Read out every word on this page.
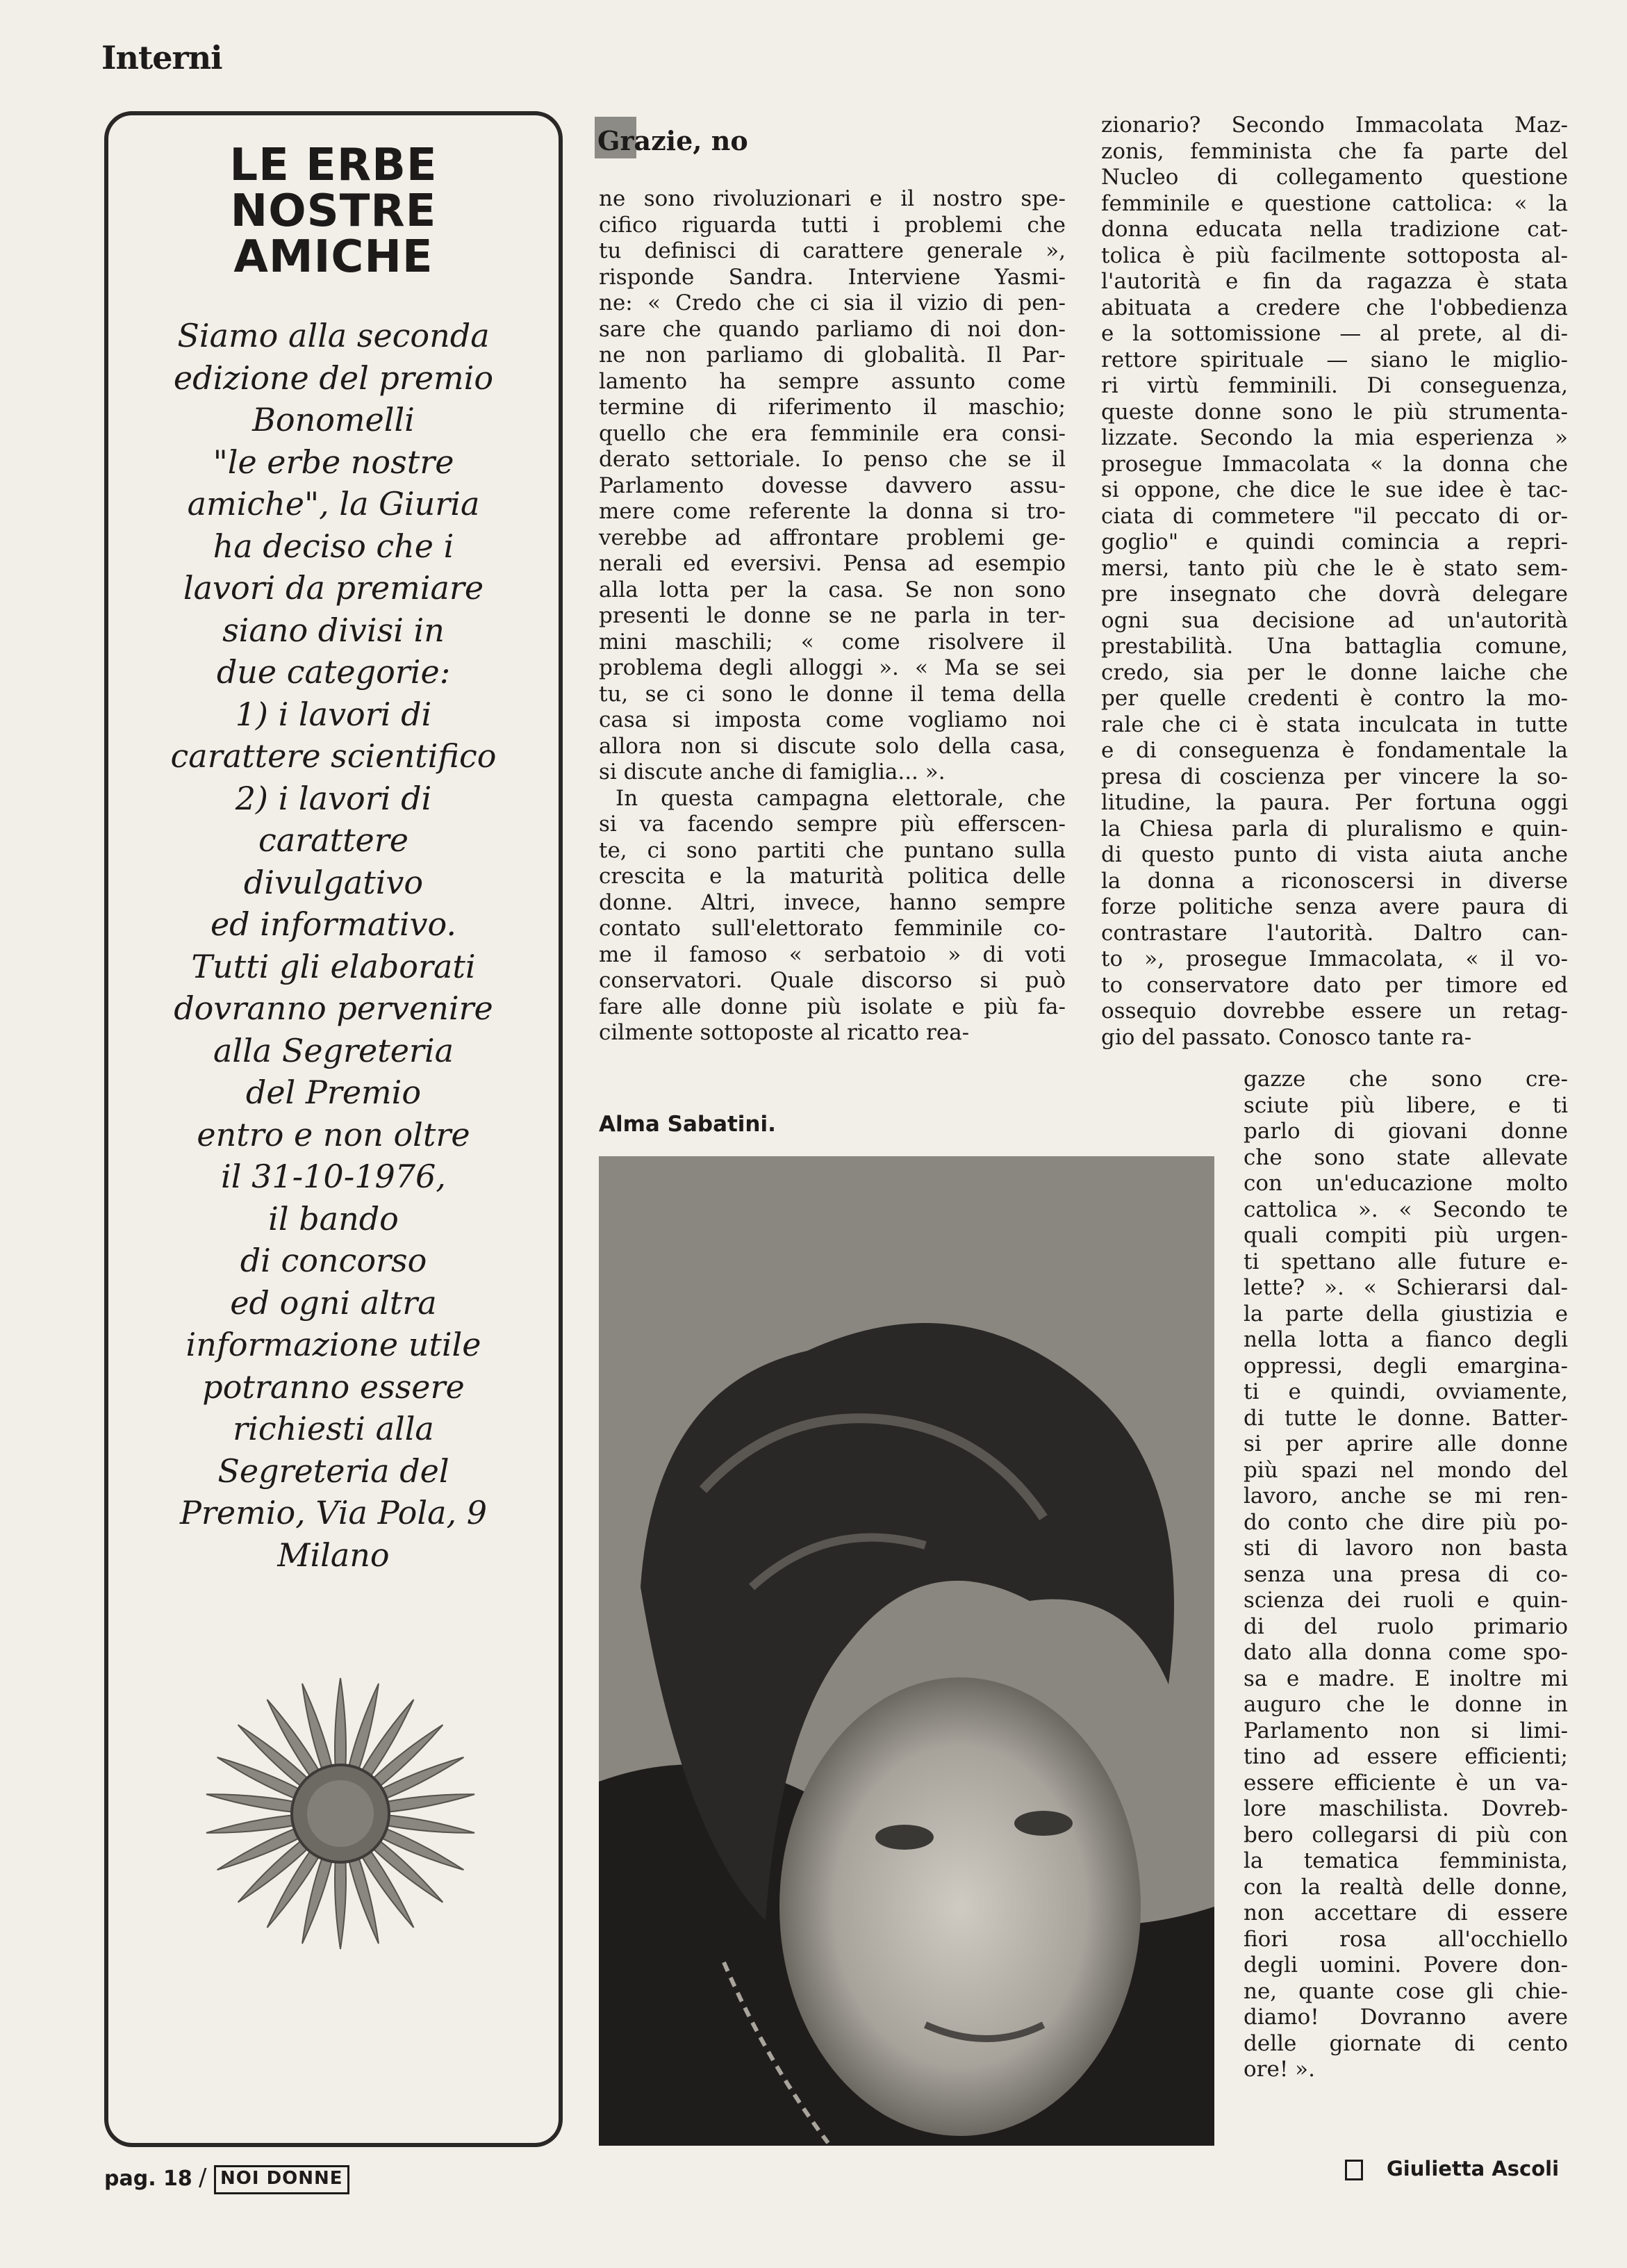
Interni
LE ERBE
NOSTRE
AMICHE
Siamo alla seconda
edizione del premio
Bonomelli
"le erbe nostre
amiche", la Giuria
ha deciso che i
lavori da premiare
siano divisi in
due categorie:
1) i lavori di
carattere scientifico
2) i lavori di
carattere
divulgativo
ed informativo.
Tutti gli elaborati
dovranno pervenire
alla Segreteria
del Premio
entro e non oltre
il 31-10-1976,
il bando
di concorso
ed ogni altra
informazione utile
potranno essere
richiesti alla
Segreteria del
Premio, Via Pola, 9
Milano
Grazie, no
ne sono rivoluzionari e il nostro spe-
cifico riguarda tutti i problemi che
tu definisci di carattere generale »,
risponde Sandra. Interviene Yasmi-
ne: « Credo che ci sia il vizio di pen-
sare che quando parliamo di noi don-
ne non parliamo di globalità. Il Par-
lamento ha sempre assunto come
termine di riferimento il maschio;
quello che era femminile era consi-
derato settoriale. Io penso che se il
Parlamento dovesse davvero assu-
mere come referente la donna si tro-
verebbe ad affrontare problemi ge-
nerali ed eversivi. Pensa ad esempio
alla lotta per la casa. Se non sono
presenti le donne se ne parla in ter-
mini maschili; « come risolvere il
problema degli alloggi ». « Ma se sei
tu, se ci sono le donne il tema della
casa si imposta come vogliamo noi
allora non si discute solo della casa,
si discute anche di famiglia... ».
In questa campagna elettorale, che
si va facendo sempre più efferscen-
te, ci sono partiti che puntano sulla
crescita e la maturità politica delle
donne. Altri, invece, hanno sempre
contato sull'elettorato femminile co-
me il famoso « serbatoio » di voti
conservatori. Quale discorso si può
fare alle donne più isolate e più fa-
cilmente sottoposte al ricatto rea-
Alma Sabatini.
zionario? Secondo Immacolata Maz-
zonis, femminista che fa parte del
Nucleo di collegamento questione
femminile e questione cattolica: « la
donna educata nella tradizione cat-
tolica è più facilmente sottoposta al-
l'autorità e fin da ragazza è stata
abituata a credere che l'obbedienza
e la sottomissione — al prete, al di-
rettore spirituale — siano le miglio-
ri virtù femminili. Di conseguenza,
queste donne sono le più strumenta-
lizzate. Secondo la mia esperienza »
prosegue Immacolata « la donna che
si oppone, che dice le sue idee è tac-
ciata di commetere "il peccato di or-
goglio" e quindi comincia a repri-
mersi, tanto più che le è stato sem-
pre insegnato che dovrà delegare
ogni sua decisione ad un'autorità
prestabilità. Una battaglia comune,
credo, sia per le donne laiche che
per quelle credenti è contro la mo-
rale che ci è stata inculcata in tutte
e di conseguenza è fondamentale la
presa di coscienza per vincere la so-
litudine, la paura. Per fortuna oggi
la Chiesa parla di pluralismo e quin-
di questo punto di vista aiuta anche
la donna a riconoscersi in diverse
forze politiche senza avere paura di
contrastare l'autorità. Daltro can-
to », prosegue Immacolata, « il vo-
to conservatore dato per timore ed
ossequio dovrebbe essere un retag-
gio del passato. Conosco tante ra-
gazze che sono cre-
sciute più libere, e ti
parlo di giovani donne
che sono state allevate
con un'educazione molto
cattolica ». « Secondo te
quali compiti più urgen-
ti spettano alle future e-
lette? ». « Schierarsi dal-
la parte della giustizia e
nella lotta a fianco degli
oppressi, degli emargina-
ti e quindi, ovviamente,
di tutte le donne. Batter-
si per aprire alle donne
più spazi nel mondo del
lavoro, anche se mi ren-
do conto che dire più po-
sti di lavoro non basta
senza una presa di co-
scienza dei ruoli e quin-
di del ruolo primario
dato alla donna come spo-
sa e madre. E inoltre mi
auguro che le donne in
Parlamento non si limi-
tino ad essere efficienti;
essere efficiente è un va-
lore maschilista. Dovreb-
bero collegarsi di più con
la tematica femminista,
con la realtà delle donne,
non accettare di essere
fiori rosa all'occhiello
degli uomini. Povere don-
ne, quante cose gli chie-
diamo! Dovranno avere
delle giornate di cento
ore! ».
Giulietta Ascoli
pag. 18 / NOI DONNE
